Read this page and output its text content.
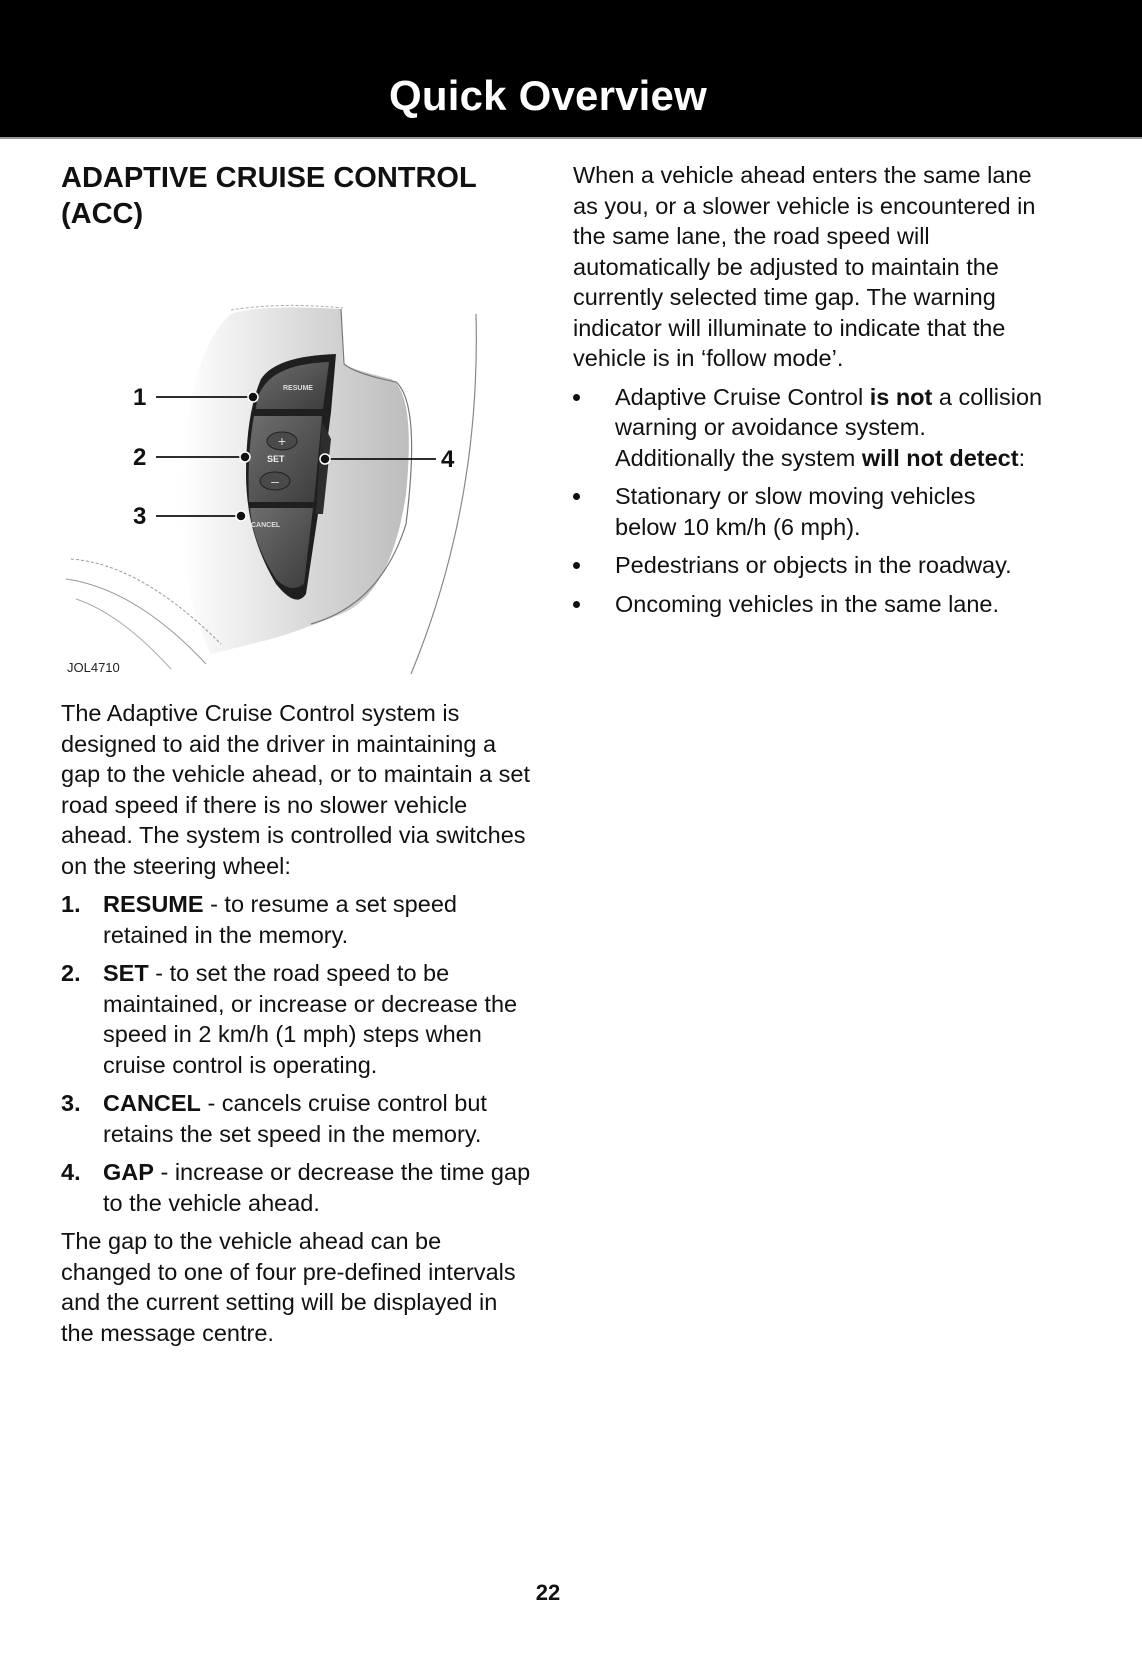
Quick Overview
ADAPTIVE CRUISE CONTROL
(ACC)
+
–
RESUME
SET
CANCEL
1
2
3
4
JOL4710

The Adaptive Cruise Control system is designed to aid the driver in maintaining a gap to the vehicle ahead, or to maintain a set road speed if there is no slower vehicle ahead. The system is controlled via switches on the steering wheel:

1. RESUME - to resume a set speed retained in the memory.
2. SET - to set the road speed to be maintained, or increase or decrease the speed in 2 km/h (1 mph) steps when cruise control is operating.
3. CANCEL - cancels cruise control but retains the set speed in the memory.
4. GAP - increase or decrease the time gap to the vehicle ahead.

The gap to the vehicle ahead can be changed to one of four pre-defined intervals and the current setting will be displayed in the message centre.

When a vehicle ahead enters the same lane as you, or a slower vehicle is encountered in the same lane, the road speed will automatically be adjusted to maintain the currently selected time gap. The warning indicator will illuminate to indicate that the vehicle is in ‘follow mode’.

Adaptive Cruise Control is not a collision warning or avoidance system. Additionally the system will not detect:
Stationary or slow moving vehicles below 10 km/h (6 mph).
Pedestrians or objects in the roadway.
Oncoming vehicles in the same lane.
22
